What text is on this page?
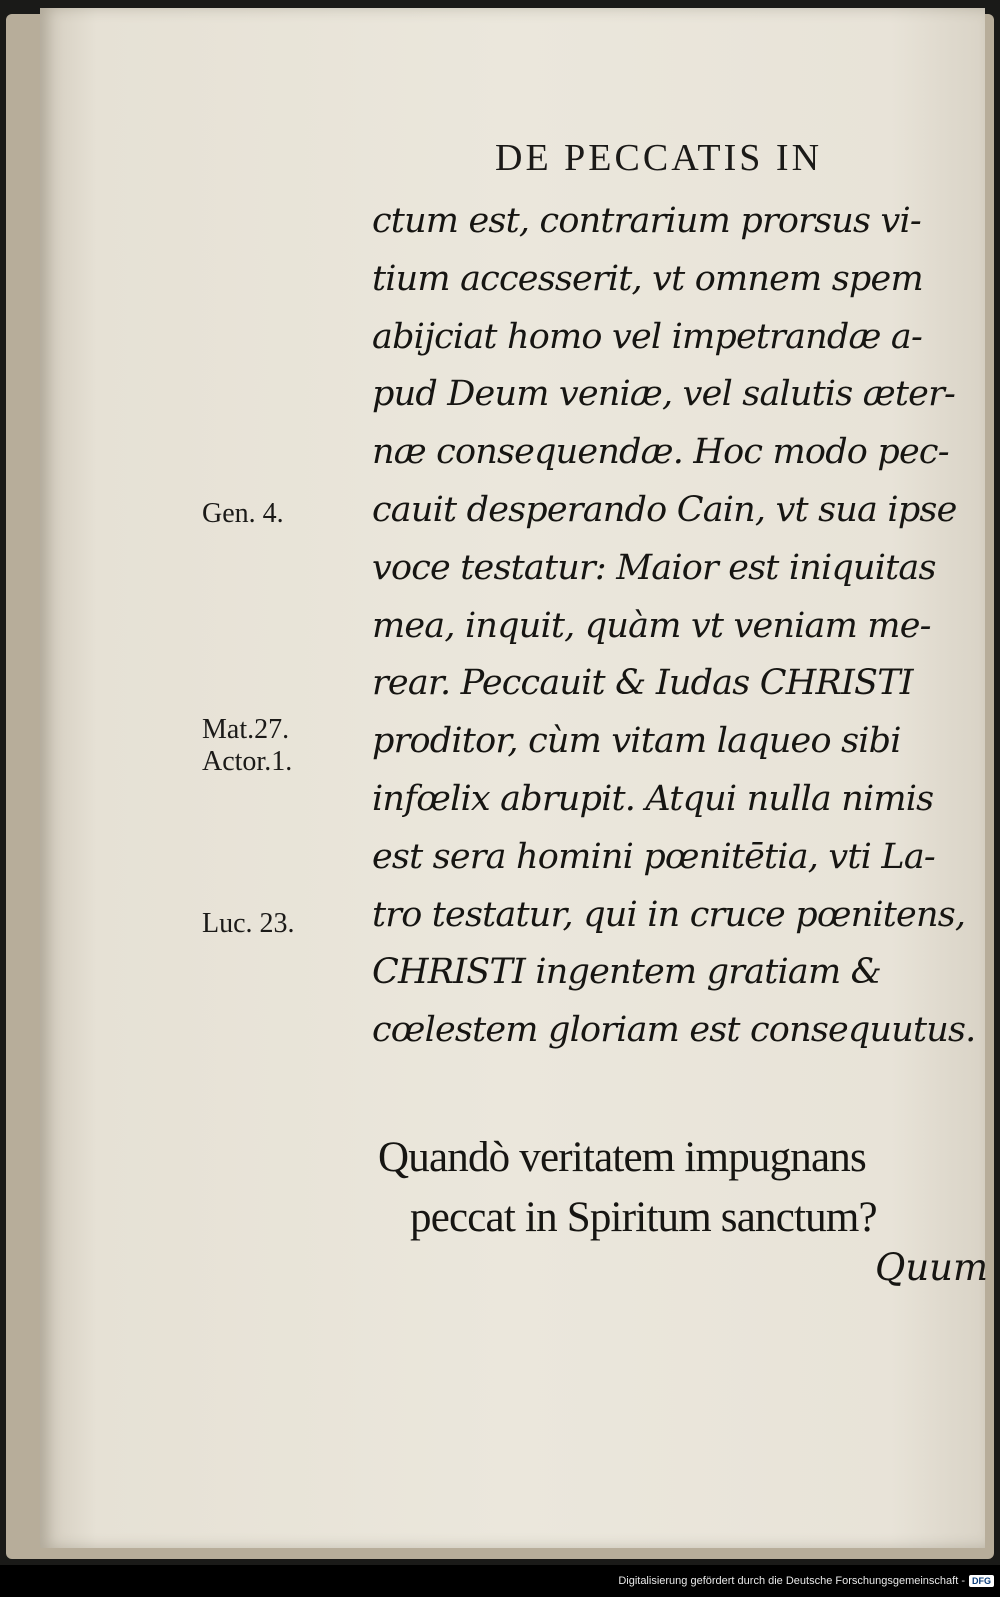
DE PECCATIS IN
ctum est, contrarium prorsus vi-
tium accesserit, vt omnem spem
abijciat homo vel impetrandæ a-
pud Deum veniæ, vel salutis æter-
næ consequendæ. Hoc modo pec-
cauit desperando Cain, vt sua ipse
voce testatur: Maior est iniquitas
mea, inquit, quàm vt veniam me-
rear. Peccauit & Iudas CHRISTI
proditor, cùm vitam laqueo sibi
infœlix abrupit. Atqui nulla nimis
est sera homini pœnitētia, vti La-
tro testatur, qui in cruce pœnitens,
CHRISTI ingentem gratiam &
cœlestem gloriam est consequutus.
Gen. 4.
Mat.27.
Actor.1.
Luc. 23.
Quandò veritatem impugnans
peccat in Spiritum sanctum?
Quum
Digitalisierung gefördert durch die Deutsche Forschungsgemeinschaft - DFG
